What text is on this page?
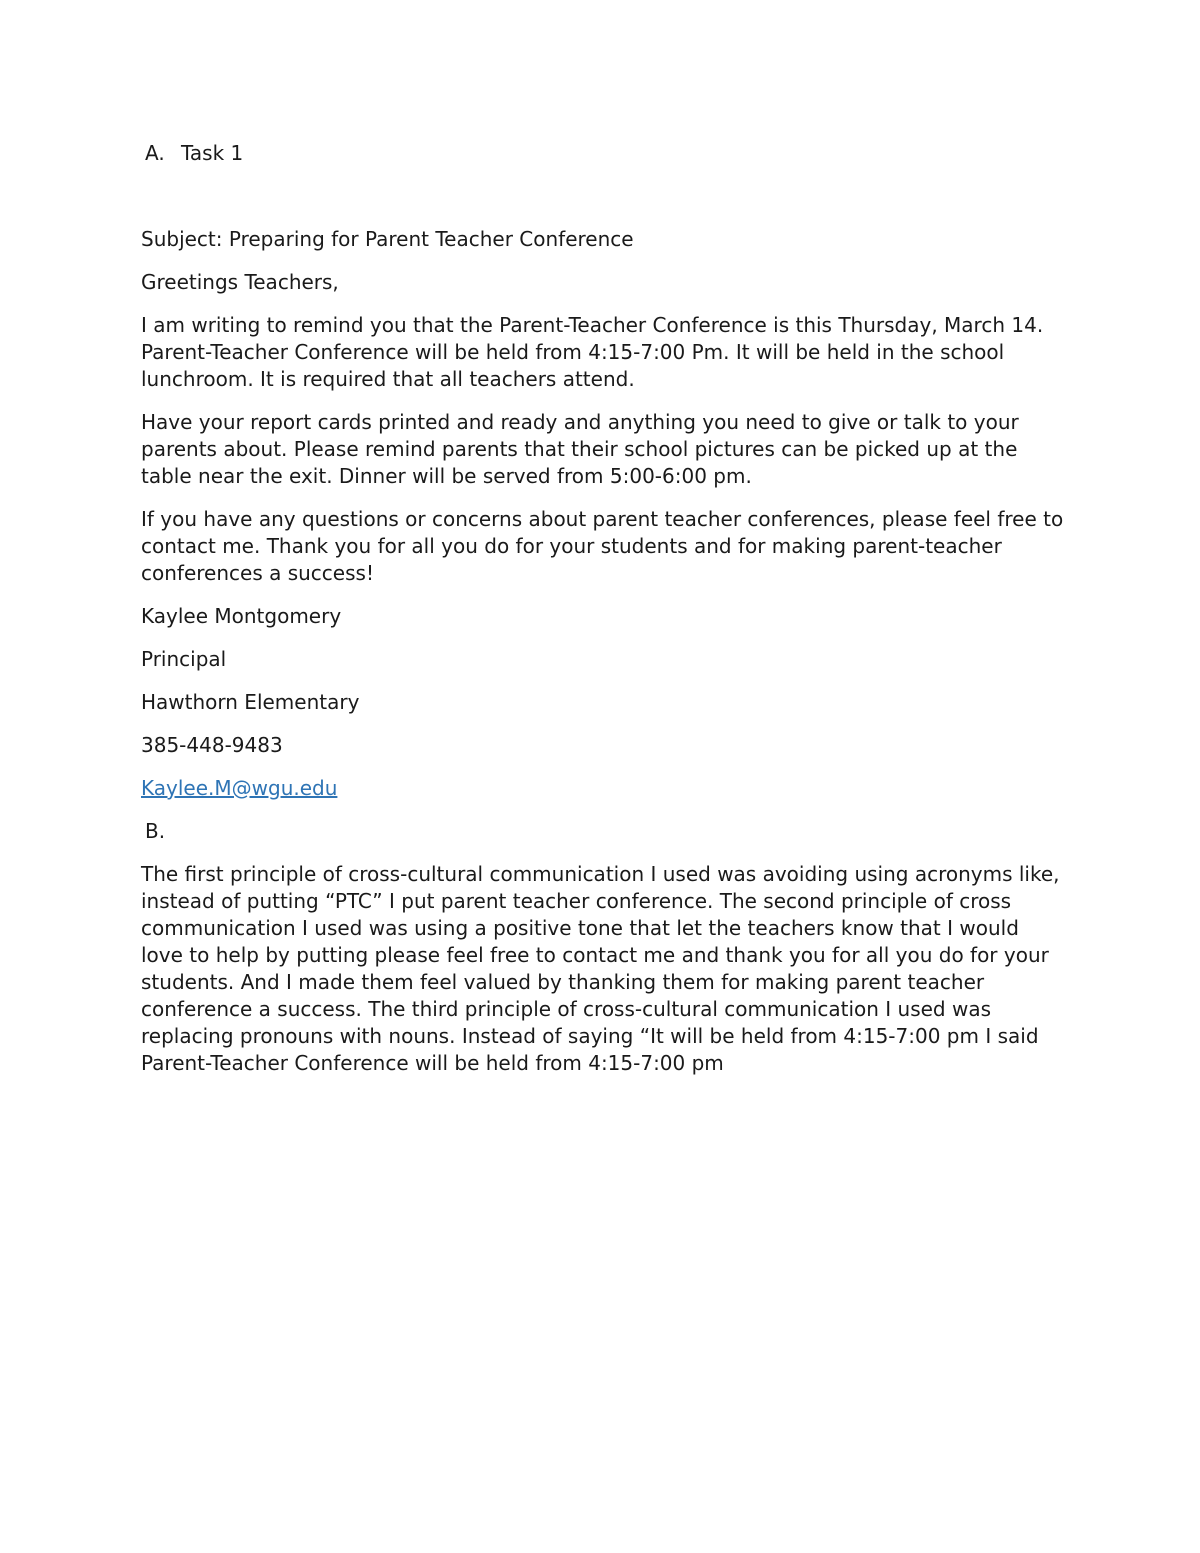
A. Task 1

Subject: Preparing for Parent Teacher Conference

Greetings Teachers,

I am writing to remind you that the Parent-Teacher Conference is this Thursday, March 14. Parent-Teacher Conference will be held from 4:15-7:00 Pm. It will be held in the school lunchroom. It is required that all teachers attend.

Have your report cards printed and ready and anything you need to give or talk to your parents about. Please remind parents that their school pictures can be picked up at the table near the exit. Dinner will be served from 5:00-6:00 pm.

If you have any questions or concerns about parent teacher conferences, please feel free to contact me. Thank you for all you do for your students and for making parent-teacher conferences a success!

Kaylee Montgomery

Principal

Hawthorn Elementary

385-448-9483

Kaylee.M@wgu.edu

B.

The first principle of cross-cultural communication I used was avoiding using acronyms like, instead of putting “PTC” I put parent teacher conference. The second principle of cross communication I used was using a positive tone that let the teachers know that I would love to help by putting please feel free to contact me and thank you for all you do for your students. And I made them feel valued by thanking them for making parent teacher conference a success. The third principle of cross-cultural communication I used was replacing pronouns with nouns. Instead of saying “It will be held from 4:15-7:00 pm I said Parent-Teacher Conference will be held from 4:15-7:00 pm
